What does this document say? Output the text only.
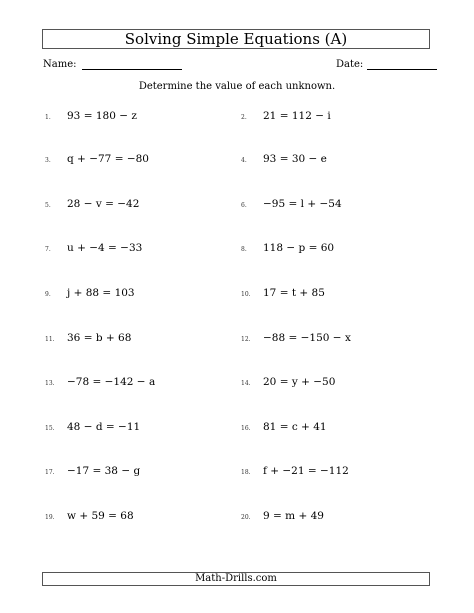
Solving Simple Equations (A)
Name:	Date:
Determine the value of each unknown.
1.	93 = 180 − z	2.	21 = 112 − i
3.	q + −77 = −80	4.	93 = 30 − e
5.	28 − v = −42	6.	−95 = l + −54
7.	u + −4 = −33	8.	118 − p = 60
9.	j + 88 = 103	10.	17 = t + 85
11.	36 = b + 68	12.	−88 = −150 − x
13.	−78 = −142 − a	14.	20 = y + −50
15.	48 − d = −11	16.	81 = c + 41
17.	−17 = 38 − g	18.	f + −21 = −112
19.	w + 59 = 68	20.	9 = m + 49
Math-Drills.com
